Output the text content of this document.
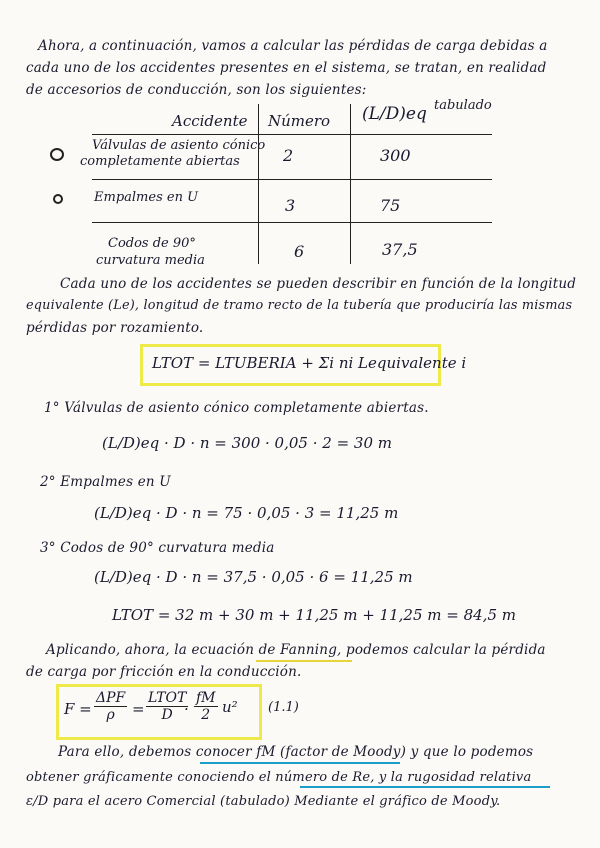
Ahora, a continuación, vamos a calcular las pérdidas de carga debidas a
cada uno de los accidentes presentes en el sistema, se tratan, en realidad
de accesorios de conducción, son los siguientes:
Accidente Número (L/D)eq tabulado
Válvulas de asiento cónico
completamente abiertas	2	300
Empalmes en U	3	75
Codos de 90°
curvatura media	6	37,5
Cada uno de los accidentes se pueden describir en función de la longitud
equivalente (Le), longitud de tramo recto de la tubería que produciría las mismas
pérdidas por rozamiento.
LTOT = LTUBERIA + Σi ni Lequivalente i
1° Válvulas de asiento cónico completamente abiertas.
(L/D)eq · D · n = 300 · 0,05 · 2 = 30 m
2° Empalmes en U
(L/D)eq · D · n = 75 · 0,05 · 3 = 11,25 m
3° Codos de 90° curvatura media
(L/D)eq · D · n = 37,5 · 0,05 · 6 = 11,25 m
LTOT = 32 m + 30 m + 11,25 m + 11,25 m = 84,5 m
Aplicando, ahora, la ecuación de Fanning, podemos calcular la pérdida
de carga por fricción en la conducción.
F =
ΔPF
ρ	=
LTOT
$D \cdot \frac{fM}{2} u^2$ (1.1)
Para ello, debemos conocer fM (factor de Moody) y que lo podemos
obtener gráficamente conociendo el número de Re, y la rugosidad relativa
ε/D para el acero Comercial (tabulado) Mediante el gráfico de Moody.
